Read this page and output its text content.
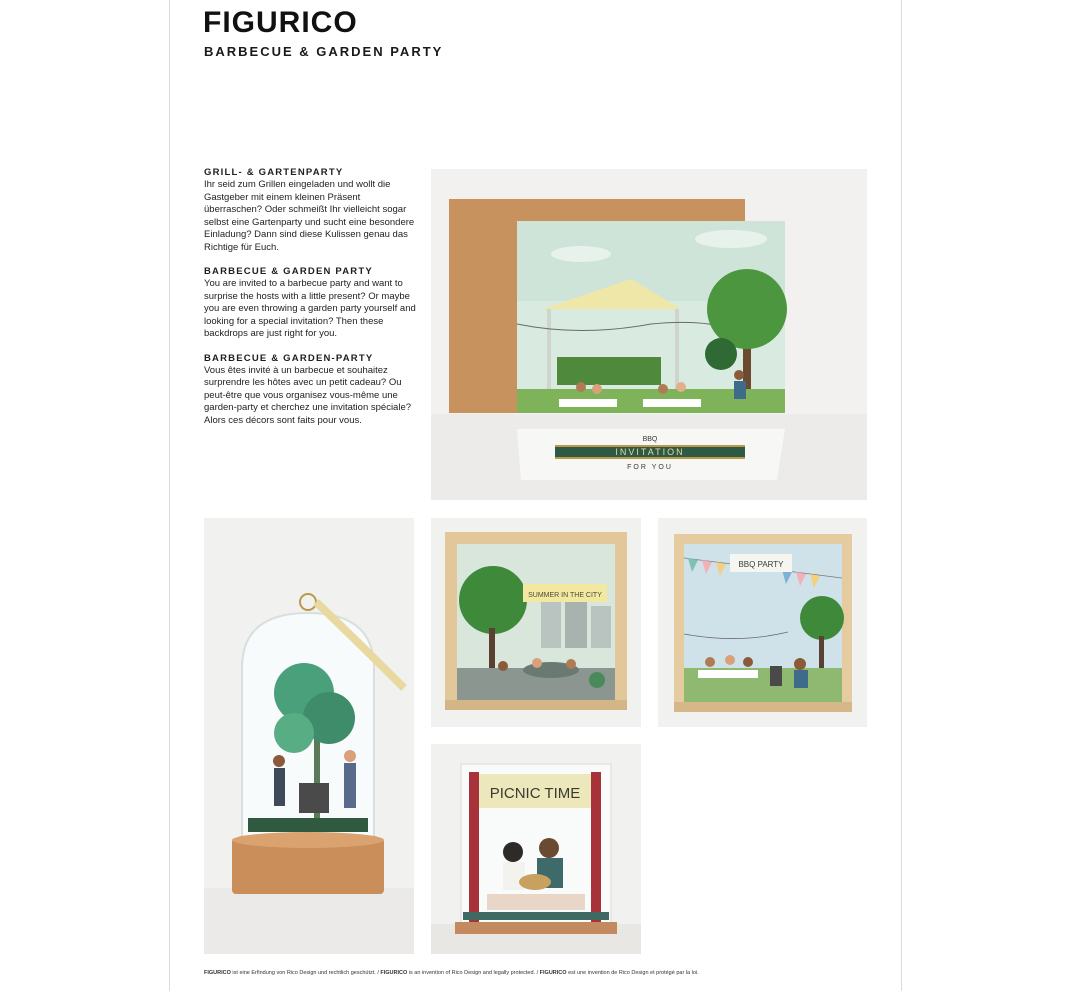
FIGURICO
BARBECUE & GARDEN PARTY
GRILL- & GARTENPARTY

Ihr seid zum Grillen eingeladen und wollt die Gastgeber mit einem kleinen Präsent überraschen? Oder schmeißt Ihr vielleicht sogar selbst eine Gartenparty und sucht eine besondere Einladung? Dann sind diese Kulissen genau das Richtige für Euch.

BARBECUE & GARDEN PARTY

You are invited to a barbecue party and want to surprise the hosts with a little present? Or maybe you are even throwing a garden party yourself and looking for a special invitation? Then these backdrops are just right for you.

BARBECUE & GARDEN-PARTY

Vous êtes invité à un barbecue et souhaitez surprendre les hôtes avec un petit cadeau? Ou peut-être que vous organisez vous-même une garden-party et cherchez une invitation spéciale? Alors ces décors sont faits pour vous.

BBQ
INVITATION
FOR YOU
SUMMER IN THE CITY
BBQ PARTY
PICNIC TIME
FIGURICO ist eine Erfindung von Rico Design und rechtlich geschützt. / FIGURICO is an invention of Rico Design and legally protected. / FIGURICO est une invention de Rico Design et protégé par la loi.
